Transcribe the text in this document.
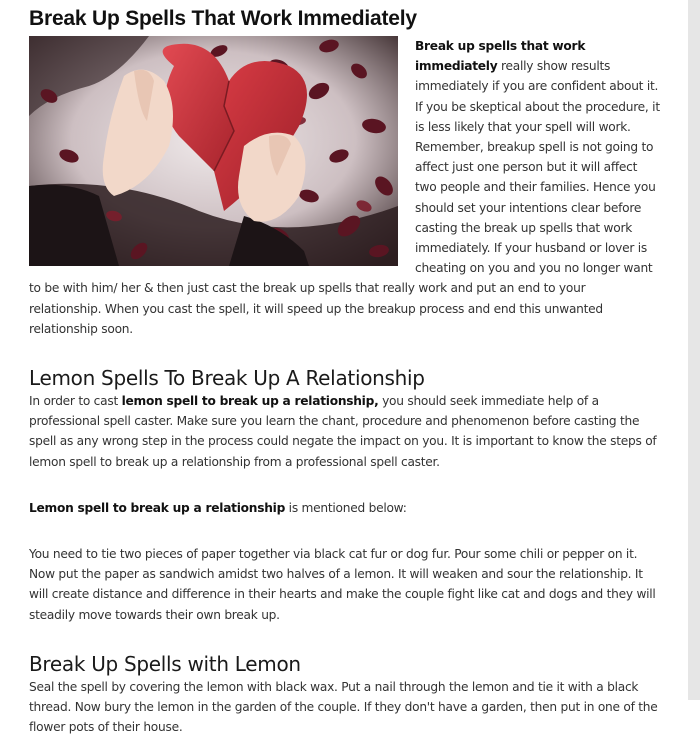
Break Up Spells That Work Immediately

Break up spells that work immediately really show results immediately if you are confident about it. If you be skeptical about the procedure, it is less likely that your spell will work. Remember, breakup spell is not going to affect just one person but it will affect two people and their families. Hence you should set your intentions clear before casting the break up spells that work immediately. If your husband or lover is cheating on you and you no longer want to be with him/ her & then just cast the break up spells that really work and put an end to your relationship. When you cast the spell, it will speed up the breakup process and end this unwanted relationship soon.

Lemon Spells To Break Up A Relationship

In order to cast lemon spell to break up a relationship, you should seek immediate help of a professional spell caster. Make sure you learn the chant, procedure and phenomenon before casting the spell as any wrong step in the process could negate the impact on you. It is important to know the steps of lemon spell to break up a relationship from a professional spell caster.

Lemon spell to break up a relationship is mentioned below:

You need to tie two pieces of paper together via black cat fur or dog fur. Pour some chili or pepper on it. Now put the paper as sandwich amidst two halves of a lemon. It will weaken and sour the relationship. It will create distance and difference in their hearts and make the couple fight like cat and dogs and they will steadily move towards their own break up.

Break Up Spells with Lemon

Seal the spell by covering the lemon with black wax. Put a nail through the lemon and tie it with a black thread. Now bury the lemon in the garden of the couple. If they don't have a garden, then put in one of the flower pots of their house.
